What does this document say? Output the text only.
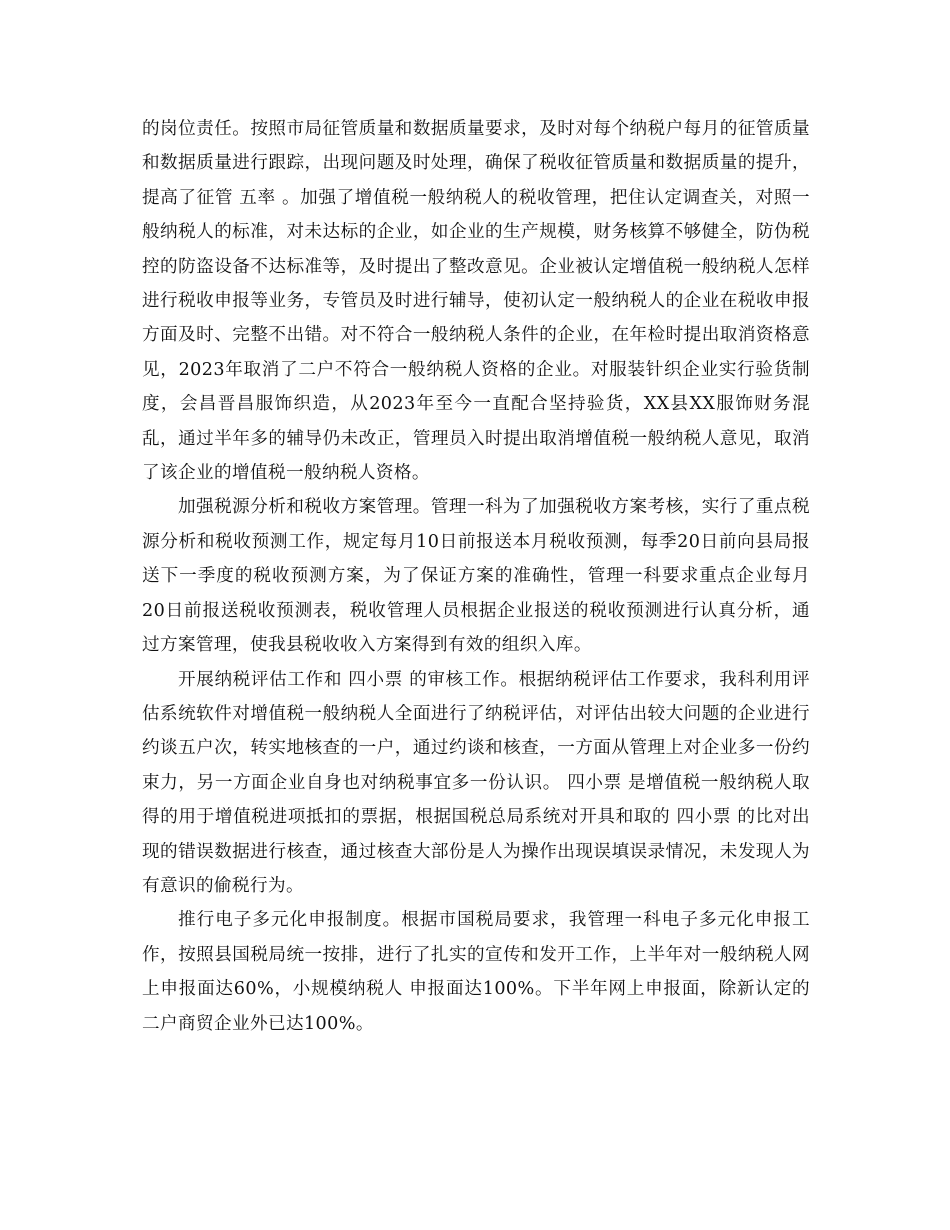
的岗位责任。按照市局征管质量和数据质量要求，及时对每个纳税户每月的征管质量和数据质量进行跟踪，出现问题及时处理，确保了税收征管质量和数据质量的提升，提高了征管 五率 。加强了增值税一般纳税人的税收管理，把住认定调查关，对照一般纳税人的标准，对未达标的企业，如企业的生产规模，财务核算不够健全，防伪税控的防盗设备不达标准等，及时提出了整改意见。企业被认定增值税一般纳税人怎样进行税收申报等业务，专管员及时进行辅导，使初认定一般纳税人的企业在税收申报方面及时、完整不出错。对不符合一般纳税人条件的企业，在年检时提出取消资格意见，2023年取消了二户不符合一般纳税人资格的企业。对服装针织企业实行验货制度，会昌晋昌服饰织造，从2023年至今一直配合坚持验货，XX县XX服饰财务混乱，通过半年多的辅导仍未改正，管理员入时提出取消增值税一般纳税人意见，取消了该企业的增值税一般纳税人资格。

加强税源分析和税收方案管理。管理一科为了加强税收方案考核，实行了重点税源分析和税收预测工作，规定每月10日前报送本月税收预测，每季20日前向县局报送下一季度的税收预测方案，为了保证方案的准确性，管理一科要求重点企业每月20日前报送税收预测表，税收管理人员根据企业报送的税收预测进行认真分析，通过方案管理，使我县税收收入方案得到有效的组织入库。

开展纳税评估工作和 四小票 的审核工作。根据纳税评估工作要求，我科利用评估系统软件对增值税一般纳税人全面进行了纳税评估，对评估出较大问题的企业进行约谈五户次，转实地核查的一户，通过约谈和核查，一方面从管理上对企业多一份约束力，另一方面企业自身也对纳税事宜多一份认识。 四小票 是增值税一般纳税人取得的用于增值税进项抵扣的票据，根据国税总局系统对开具和取的 四小票 的比对出现的错误数据进行核查，通过核查大部份是人为操作出现误填误录情况，未发现人为有意识的偷税行为。

推行电子多元化申报制度。根据市国税局要求，我管理一科电子多元化申报工作，按照县国税局统一按排，进行了扎实的宣传和发开工作，上半年对一般纳税人网上申报面达60%，小规模纳税人 申报面达100%。下半年网上申报面，除新认定的二户商贸企业外已达100%。
